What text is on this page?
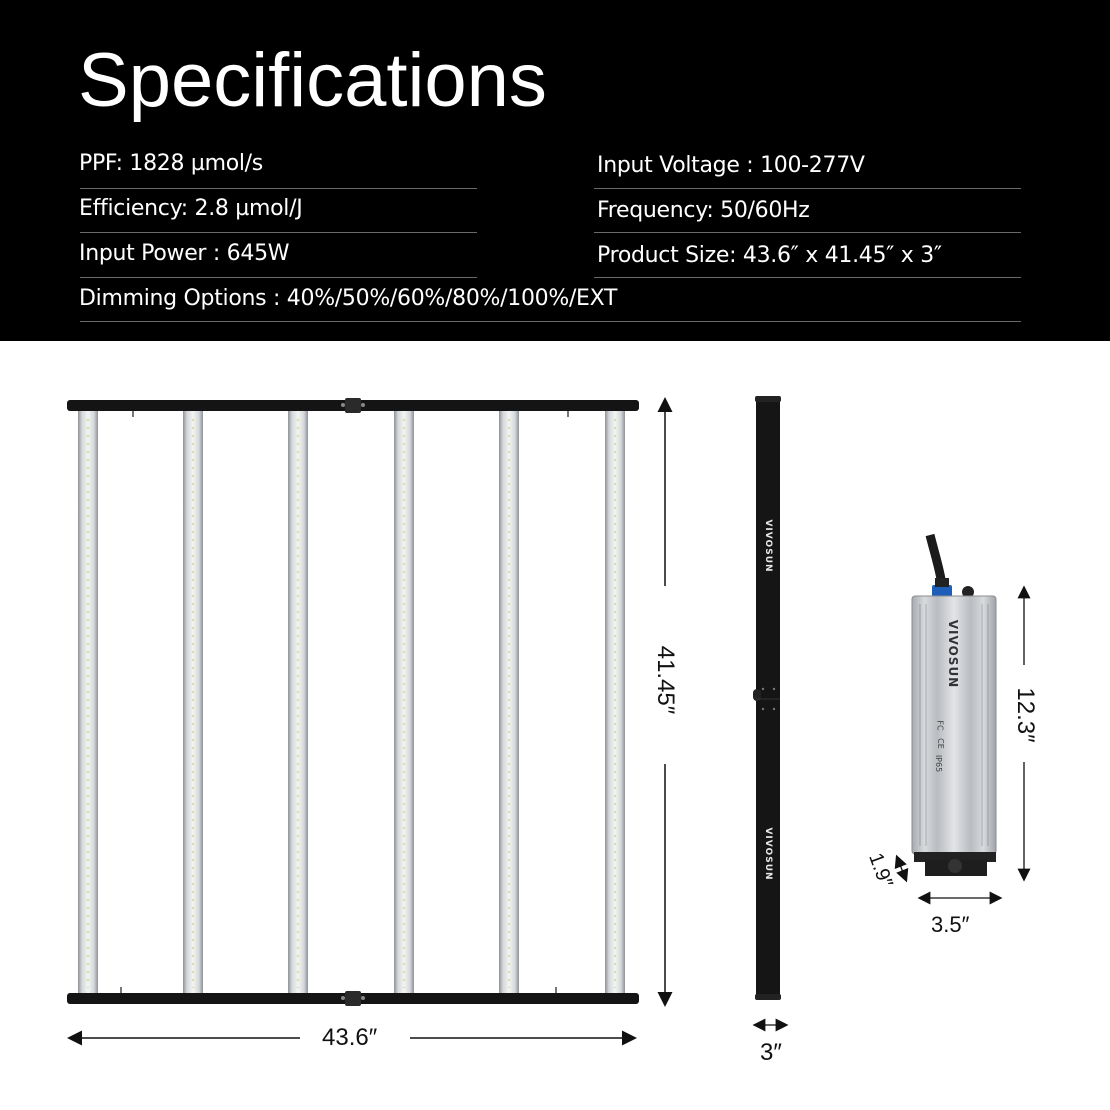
Specifications
PPF: 1828 µmol/s
Efficiency: 2.8 µmol/J
Input Power : 645W
Input Voltage : 100-277V
Frequency: 50/60Hz
Product Size: 43.6″ x 41.45″ x 3″
Dimming Options : 40%/50%/60%/80%/100%/EXT
43.6″
41.45″
3″
12.3″
3.5″
1.9″
VIVOSUN
VIVOSUN
VIVOSUN
FC
CE
IP65
